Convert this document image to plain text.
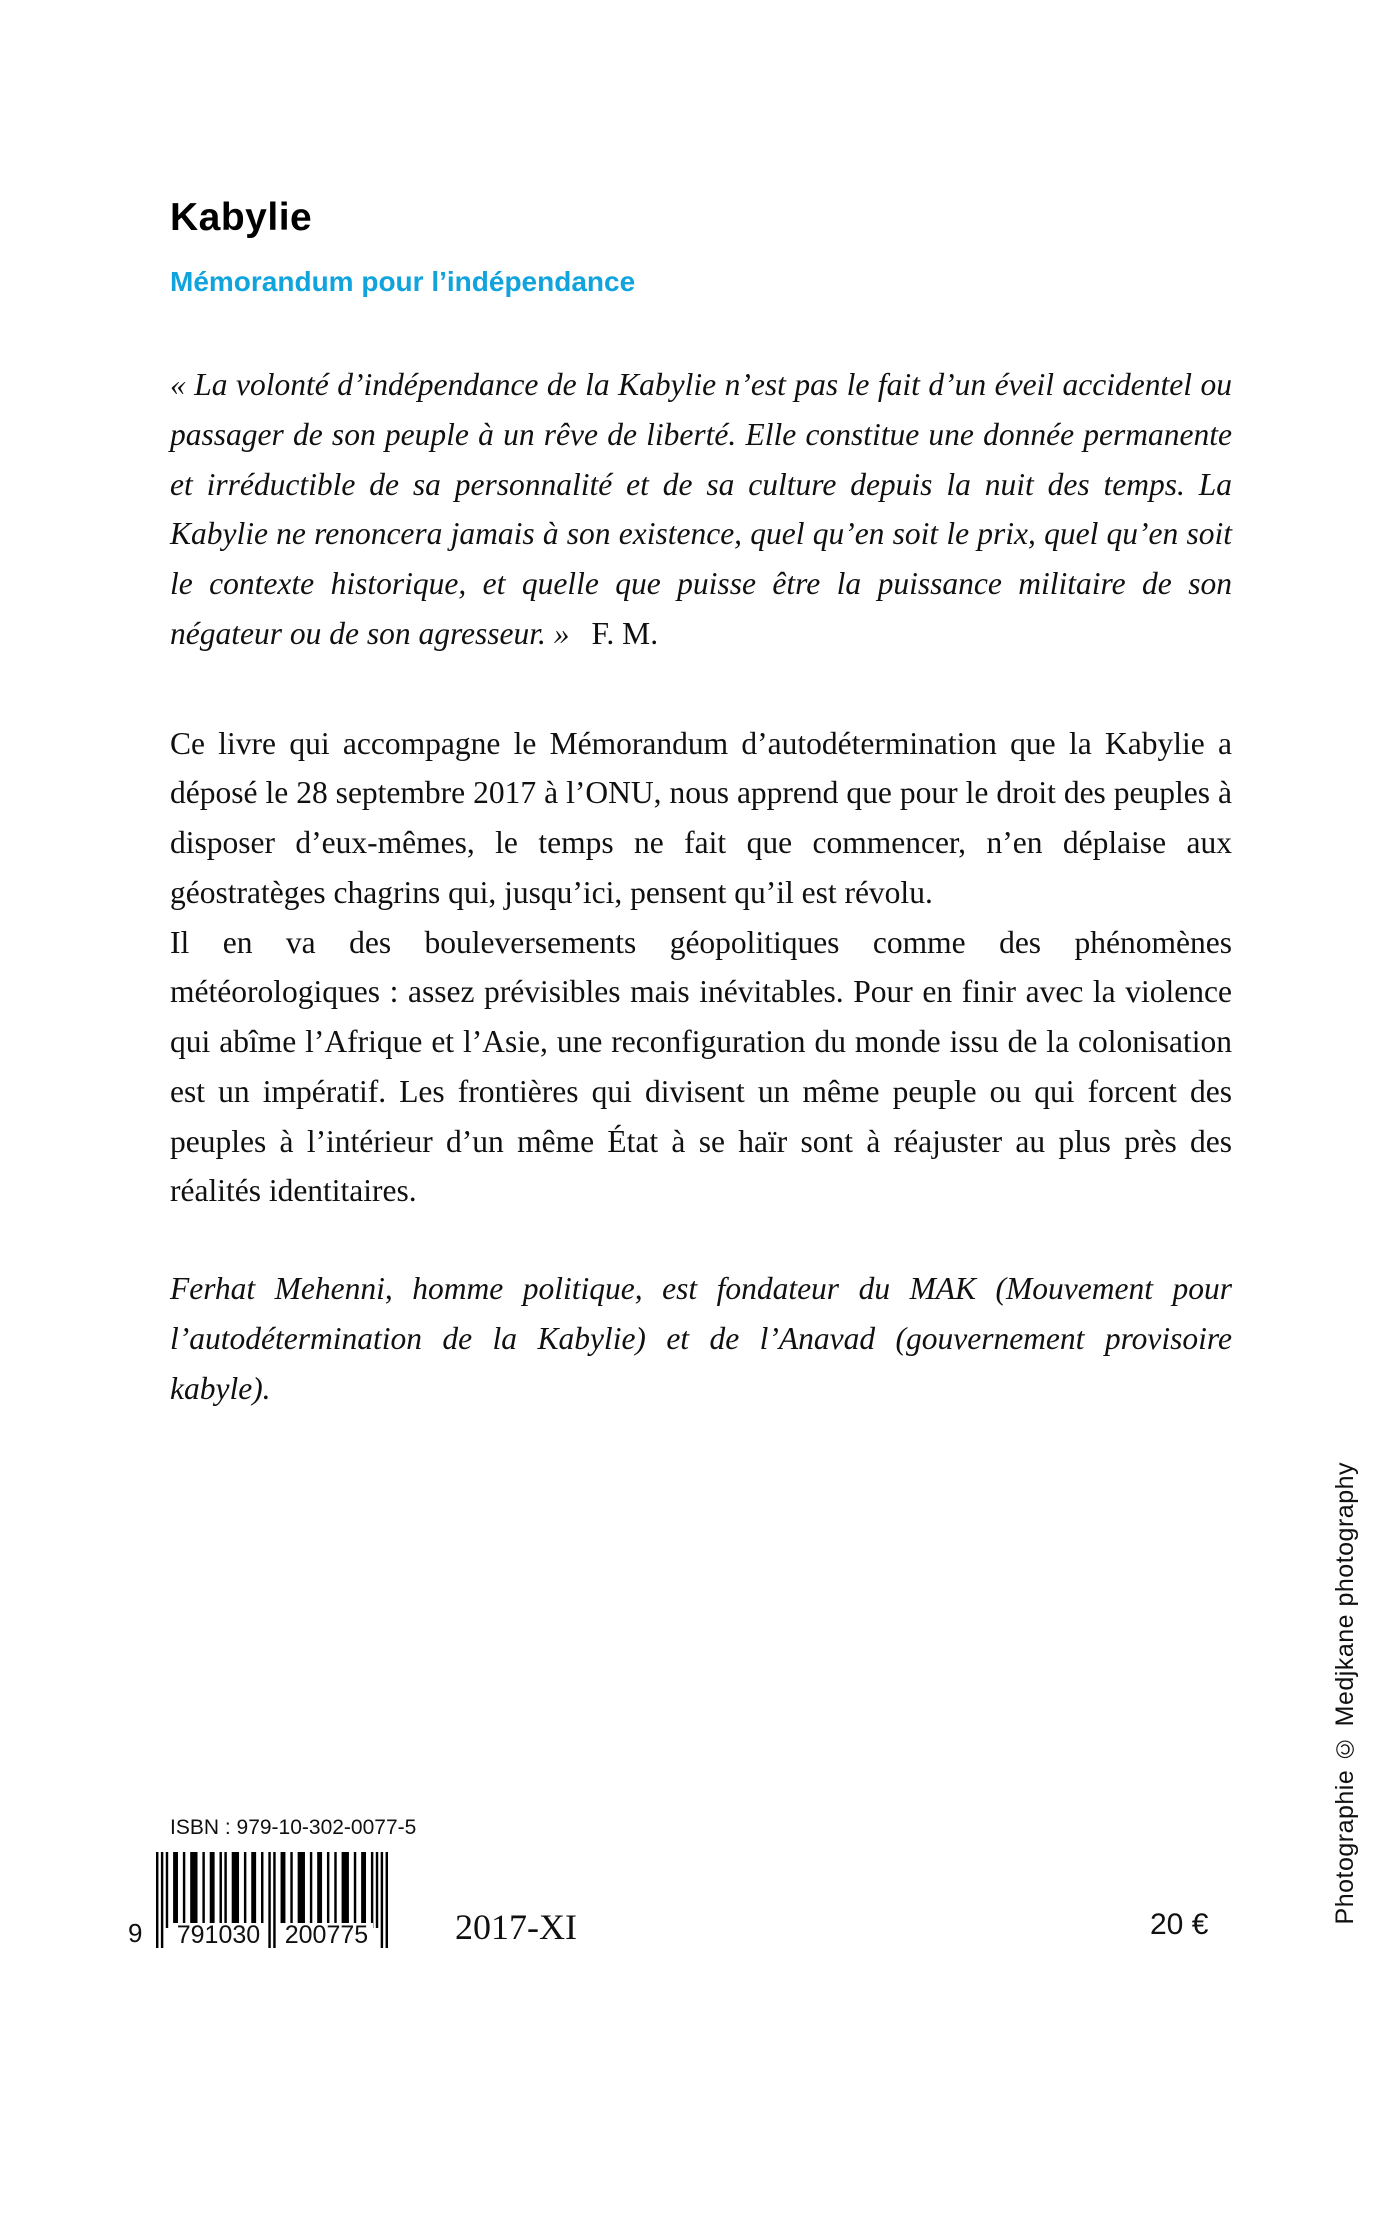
Kabylie
Mémorandum pour l’indépendance

« La volonté d’indépendance de la Kabylie n’est pas le fait d’un éveil accidentel ou passager de son peuple à un rêve de liberté. Elle constitue une donnée permanente et irréductible de sa personnalité et de sa culture depuis la nuit des temps. La Kabylie ne renoncera jamais à son existence, quel qu’en soit le prix, quel qu’en soit le contexte historique, et quelle que puisse être la puissance militaire de son négateur ou de son agresseur. » F. M.

Ce livre qui accompagne le Mémorandum d’autodétermination que la Kabylie a déposé le 28 septembre 2017 à l’ONU, nous apprend que pour le droit des peuples à disposer d’eux-mêmes, le temps ne fait que commencer, n’en déplaise aux géostratèges chagrins qui, jusqu’ici, pensent qu’il est révolu.

Il en va des bouleversements géopolitiques comme des phénomènes météorologiques : assez prévisibles mais inévitables. Pour en finir avec la violence qui abîme l’Afrique et l’Asie, une reconfiguration du monde issu de la colonisation est un impératif. Les frontières qui divisent un même peuple ou qui forcent des peuples à l’intérieur d’un même État à se haïr sont à réajuster au plus près des réalités identitaires.

Ferhat Mehenni, homme politique, est fondateur du MAK (Mouvement pour l’autodétermination de la Kabylie) et de l’Anavad (gouvernement provisoire kabyle).

ISBN : 979-10-302-0077-5
9 791030 200775 2017-XI	20 €
Photographie © Medjkane photography
